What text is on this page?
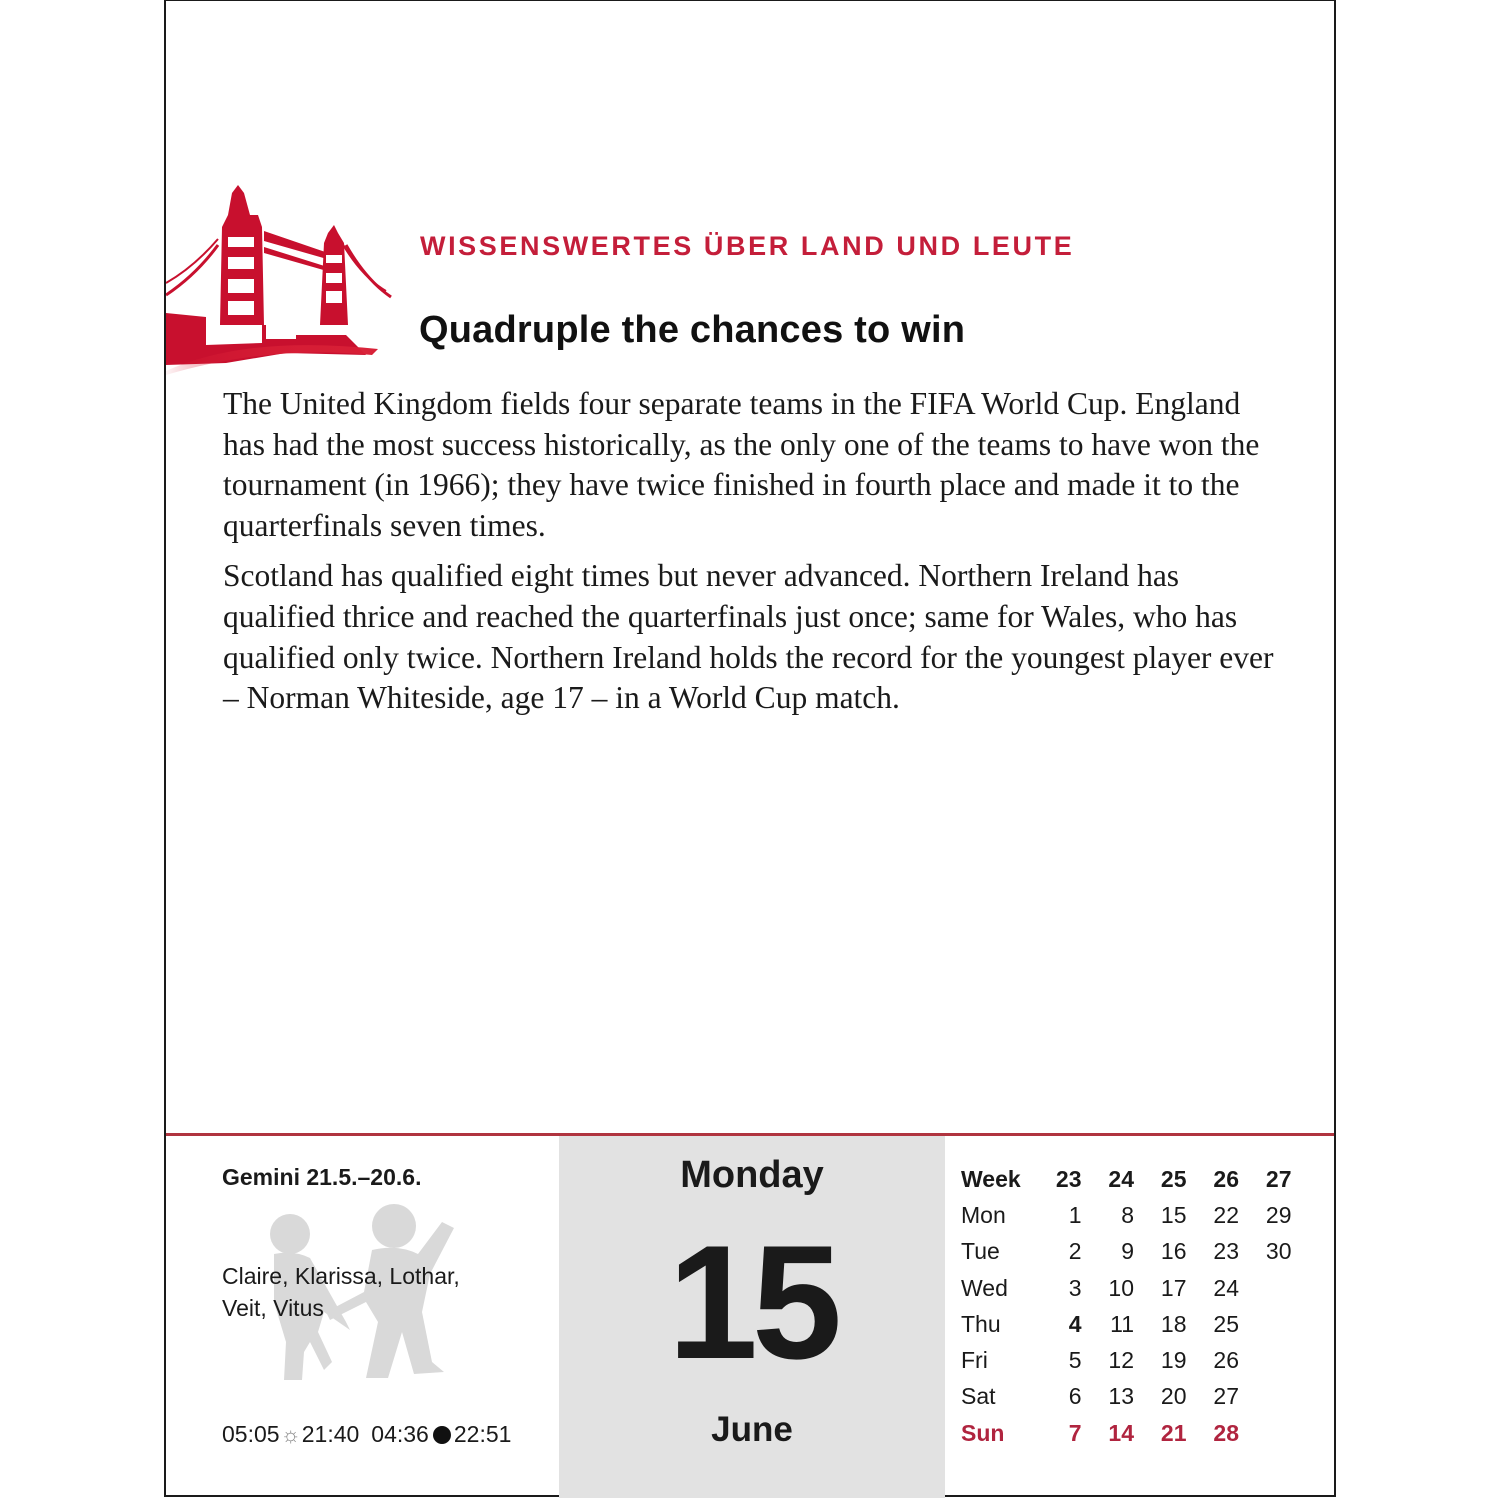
WISSENSWERTES ÜBER LAND UND LEUTE
Quadruple the chances to win

The United Kingdom fields four separate teams in the FIFA World Cup. England has had the most success historically, as the only one of the teams to have won the tournament (in 1966); they have twice finished in fourth place and made it to the quarterfinals seven times.

Scotland has qualified eight times but never advanced. Northern Ireland has qualified thrice and reached the quarterfinals just once; same for Wales, who has qualified only twice. Northern Ireland holds the record for the youngest player ever – Norman Whiteside, age 17 – in a World Cup match.

Gemini 21.5.–20.6.
Claire, Klarissa, Lothar,
Veit, Vitus
05:05 ☼ 21:40 04:36 22:51
Monday
15
June
Week	23	24	25	26	27
Mon	1	8	15	22	29
Tue	2	9	16	23	30
Wed	3	10	17	24	
Thu	4	11	18	25	
Fri	5	12	19	26	
Sat	6	13	20	27	
Sun	7	14	21	28	
